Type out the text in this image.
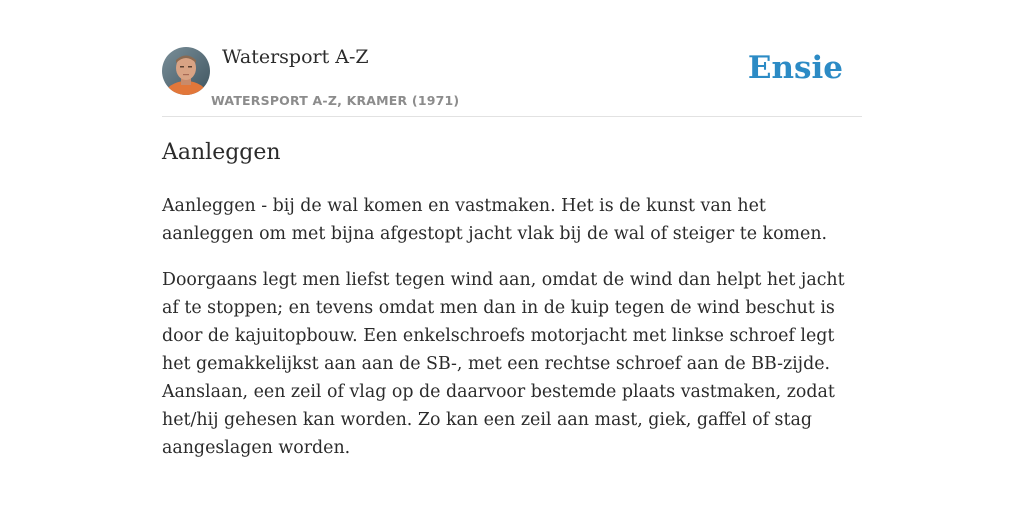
Watersport A-Z
WATERSPORT A-Z, KRAMER (1971)
Ensie
Aanleggen

Aanleggen - bij de wal komen en vastmaken. Het is de kunst van het aanleggen om met bijna afgestopt jacht vlak bij de wal of steiger te komen.

Doorgaans legt men liefst tegen wind aan, omdat de wind dan helpt het jacht af te stoppen; en tevens omdat men dan in de kuip tegen de wind beschut is door de kajuitopbouw. Een enkelschroefs motorjacht met linkse schroef legt het gemakkelijkst aan aan de SB-, met een rechtse schroef aan de BB-zijde. Aanslaan, een zeil of vlag op de daarvoor bestemde plaats vastmaken, zodat het/hij gehesen kan worden. Zo kan een zeil aan mast, giek, gaffel of stag aangeslagen worden.
